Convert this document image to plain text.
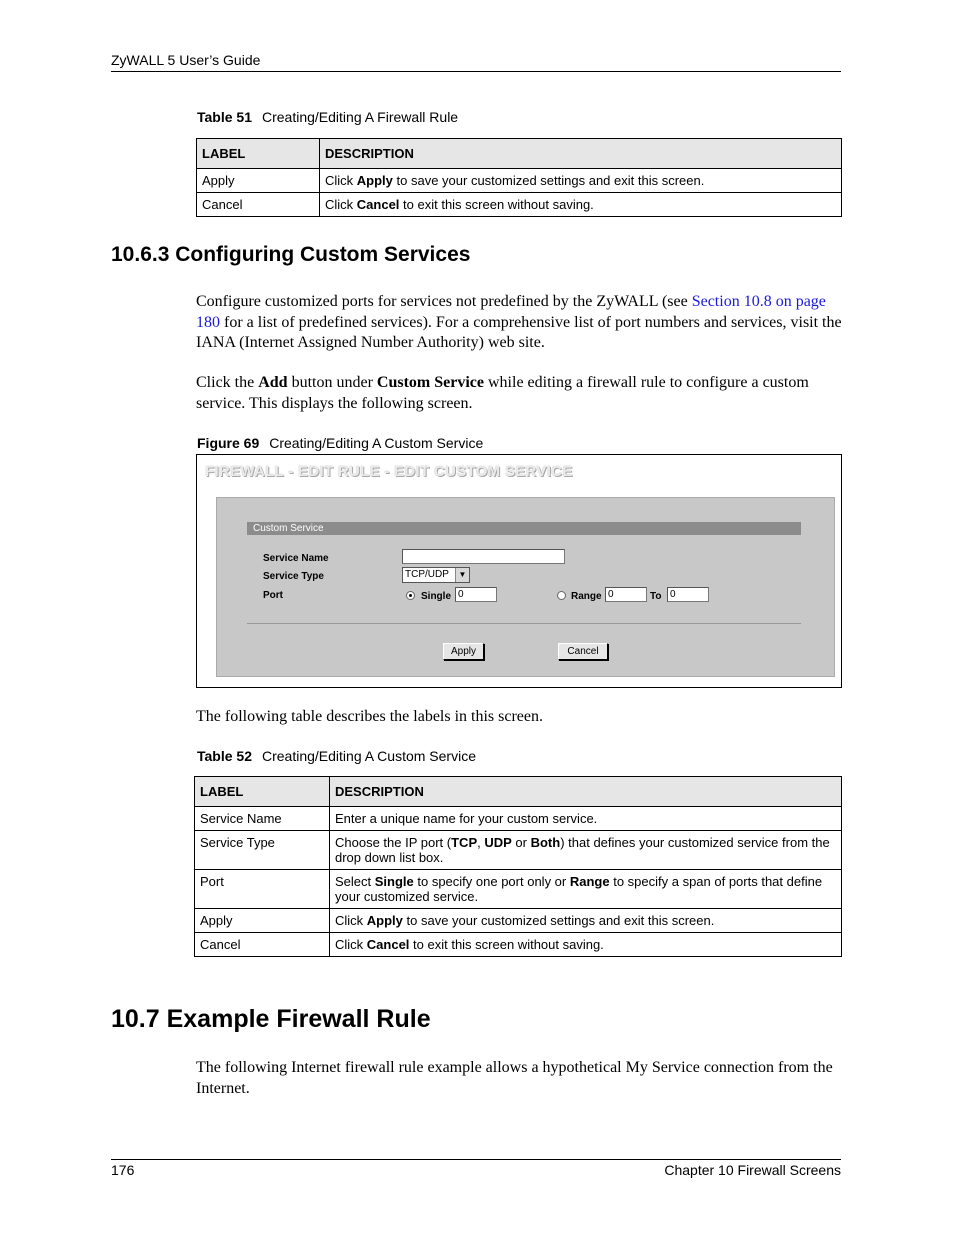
ZyWALL 5 User’s Guide
Table 51 Creating/Editing A Firewall Rule
LABEL	DESCRIPTION
Apply	Click Apply to save your customized settings and exit this screen.
Cancel	Click Cancel to exit this screen without saving.
10.6.3 Configuring Custom Services
Configure customized ports for services not predefined by the ZyWALL (see Section 10.8 on page 180 for a list of predefined services). For a comprehensive list of port numbers and services, visit the IANA (Internet Assigned Number Authority) web site.
Click the Add button under Custom Service while editing a firewall rule to configure a custom service. This displays the following screen.
Figure 69 Creating/Editing A Custom Service
FIREWALL - EDIT RULE - EDIT CUSTOM SERVICE
Custom Service
Service Name
Service Type	TCP/UDP	▼
Port	Single 0	Range 0	To 0
Apply	Cancel
The following table describes the labels in this screen.
Table 52 Creating/Editing A Custom Service
LABEL	DESCRIPTION
Service Name	Enter a unique name for your custom service.
Service Type	Choose the IP port (TCP, UDP or Both) that defines your customized service from the drop down list box.
Port	Select Single to specify one port only or Range to specify a span of ports that define your customized service.
Apply	Click Apply to save your customized settings and exit this screen.
Cancel	Click Cancel to exit this screen without saving.
10.7 Example Firewall Rule
The following Internet firewall rule example allows a hypothetical My Service connection from the Internet.
176	Chapter 10 Firewall Screens
